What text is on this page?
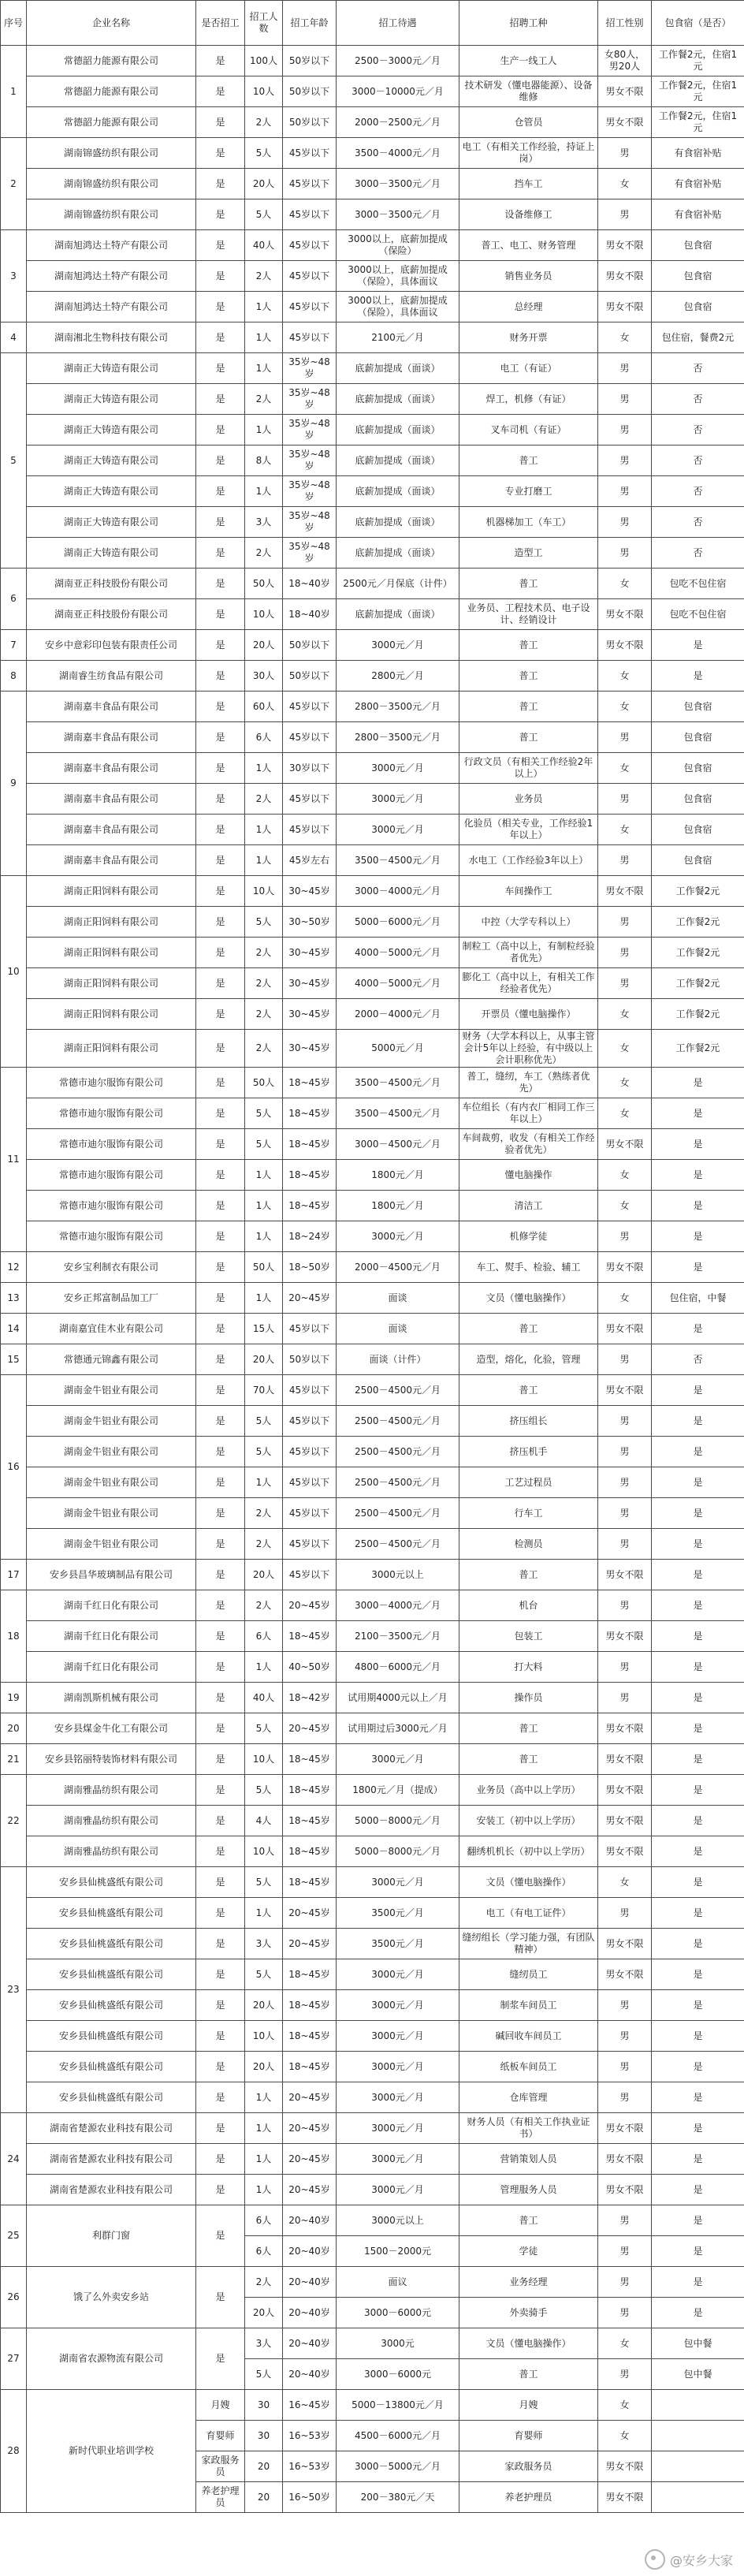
序号	企业名称	是否招工	招工人数	招工年龄	招工待遇	招聘工种	招工性别	包食宿（是否）
1	常德韶力能源有限公司	是	100人	50岁以下	2500－3000元／月	生产一线工人	女80人，男20人	工作餐2元，住宿1元
	常德韶力能源有限公司	是	10人	50岁以下	3000－10000元／月	技术研发（懂电器能源）、设备维修	男女不限	工作餐2元，住宿1元
	常德韶力能源有限公司	是	2人	50岁以下	2000－2500元／月	仓管员	男女不限	工作餐2元，住宿1元
2	湖南锦盛纺织有限公司	是	5人	45岁以下	3500－4000元／月	电工（有相关工作经验，持证上岗）	男	有食宿补贴
	湖南锦盛纺织有限公司	是	20人	45岁以下	3000－3500元／月	挡车工	女	有食宿补贴
	湖南锦盛纺织有限公司	是	5人	45岁以下	3000－3500元／月	设备维修工	男	有食宿补贴
3	湖南旭鸿达土特产有限公司	是	40人	45岁以下	3000以上，底薪加提成（保险）	普工、电工、财务管理	男女不限	包食宿
	湖南旭鸿达土特产有限公司	是	2人	45岁以下	3000以上，底薪加提成（保险），具体面议	销售业务员	男女不限	包食宿
	湖南旭鸿达土特产有限公司	是	1人	45岁以下	3000以上，底薪加提成（保险），具体面议	总经理	男女不限	包食宿
4	湖南湘北生物科技有限公司	是	1人	45岁以下	2100元／月	财务开票	女	包住宿，餐费2元
5	湖南正大铸造有限公司	是	1人	35岁~48岁	底薪加提成（面谈）	电工（有证）	男	否
	湖南正大铸造有限公司	是	2人	35岁~48岁	底薪加提成（面谈）	焊工，机修（有证）	男	否
	湖南正大铸造有限公司	是	1人	35岁~48岁	底薪加提成（面谈）	叉车司机（有证）	男	否
	湖南正大铸造有限公司	是	8人	35岁~48岁	底薪加提成（面谈）	普工	男	否
	湖南正大铸造有限公司	是	1人	35岁~48岁	底薪加提成（面谈）	专业打磨工	男	否
	湖南正大铸造有限公司	是	3人	35岁~48岁	底薪加提成（面谈）	机器梯加工（车工）	男	否
	湖南正大铸造有限公司	是	2人	35岁~48岁	底薪加提成（面谈）	造型工	男	否
6	湖南亚正科技股份有限公司	是	50人	18~40岁	2500元／月保底（计件）	普工	女	包吃不包住宿
	湖南亚正科技股份有限公司	是	10人	18~40岁	底薪加提成（面谈）	业务员、工程技术员、电子设计、经销设计	男女不限	包吃不包住宿
7	安乡中意彩印包装有限责任公司	是	20人	50岁以下	3000元／月	普工	男女不限	是
8	湖南睿生纺食品有限公司	是	30人	50岁以下	2800元／月	普工	女	是
9	湖南嘉丰食品有限公司	是	60人	45岁以下	2800－3500元／月	普工	女	包食宿
	湖南嘉丰食品有限公司	是	6人	45岁以下	2800－3500元／月	普工	男	包食宿
	湖南嘉丰食品有限公司	是	1人	30岁以下	3000元／月	行政文员（有相关工作经验2年以上）	女	包食宿
	湖南嘉丰食品有限公司	是	2人	45岁以下	3000元／月	业务员	男	包食宿
	湖南嘉丰食品有限公司	是	1人	45岁以下	3000元／月	化验员（相关专业，工作经验1年以上）	女	包食宿
	湖南嘉丰食品有限公司	是	1人	45岁左右	3500－4500元／月	水电工（工作经验3年以上）	男	包食宿
10	湖南正阳饲料有限公司	是	10人	30~45岁	3000－4000元／月	车间操作工	男女不限	工作餐2元
	湖南正阳饲料有限公司	是	5人	30~50岁	5000－6000元／月	中控（大学专科以上）	男	工作餐2元
	湖南正阳饲料有限公司	是	2人	30~45岁	4000－5000元／月	制粒工（高中以上，有制粒经验者优先）	男	工作餐2元
	湖南正阳饲料有限公司	是	2人	30~45岁	4000－5000元／月	膨化工（高中以上，有相关工作经验者优先）	男	工作餐2元
	湖南正阳饲料有限公司	是	2人	30~45岁	2000－4000元／月	开票员（懂电脑操作）	女	工作餐2元
	湖南正阳饲料有限公司	是	2人	30~45岁	5000元／月	财务（大学本科以上，从事主管会计5年以上经验，有中级以上会计职称优先）	女	工作餐2元
11	常德市迪尔服饰有限公司	是	50人	18~45岁	3500－4500元／月	普工，缝纫，车工（熟练者优先）	女	是
	常德市迪尔服饰有限公司	是	5人	18~45岁	3500－4500元／月	车位组长（有内衣厂相同工作三年以上）	女	是
	常德市迪尔服饰有限公司	是	5人	18~45岁	3000－4500元／月	车间裁剪，收发（有相关工作经验者优先）	男女不限	是
	常德市迪尔服饰有限公司	是	1人	18~45岁	1800元／月	懂电脑操作	女	是
	常德市迪尔服饰有限公司	是	1人	18~45岁	1800元／月	清洁工	女	是
	常德市迪尔服饰有限公司	是	1人	18~24岁	3000元／月	机修学徒	男	是
12	安乡宝利制衣有限公司	是	50人	18~50岁	2000－4500元／月	车工、熨手、检验、辅工	男女不限	是
13	安乡正邦富制品加工厂	是	1人	20~45岁	面谈	文员（懂电脑操作）	女	包住宿，中餐
14	湖南嘉宜佳木业有限公司	是	15人	45岁以下	面谈	普工	男女不限	是
15	常德通元锦鑫有限公司	是	20人	50岁以下	面谈（计件）	造型，熔化，化验，管理	男	否
16	湖南金牛铝业有限公司	是	70人	45岁以下	2500－4500元／月	普工	男女不限	是
	湖南金牛铝业有限公司	是	5人	45岁以下	2500－4500元／月	挤压组长	男	是
	湖南金牛铝业有限公司	是	5人	45岁以下	2500－4500元／月	挤压机手	男	是
	湖南金牛铝业有限公司	是	1人	45岁以下	2500－4500元／月	工艺过程员	男	是
	湖南金牛铝业有限公司	是	2人	45岁以下	2500－4500元／月	行车工	男	是
	湖南金牛铝业有限公司	是	2人	45岁以下	2500－4500元／月	检测员	男	是
17	安乡县昌华玻璃制品有限公司	是	20人	45岁以下	3000元以上	普工	男女不限	是
18	湖南千红日化有限公司	是	2人	20~45岁	3000－4000元／月	机台	男	是
	湖南千红日化有限公司	是	6人	18~45岁	2100－3500元／月	包装工	男女不限	是
	湖南千红日化有限公司	是	1人	40~50岁	4800－6000元／月	打大料	男	是
19	湖南凯斯机械有限公司	是	40人	18~42岁	试用期4000元以上／月	操作员	男	是
20	安乡县煤金牛化工有限公司	是	5人	20~45岁	试用期过后3000元／月	普工	男女不限	是
21	安乡县铭丽特装饰材料有限公司	是	10人	18~45岁	3000元／月	普工	男女不限	是
22	湖南雅晶纺织有限公司	是	5人	18~45岁	1800元／月（提成）	业务员（高中以上学历）	男女不限	是
	湖南雅晶纺织有限公司	是	4人	18~45岁	5000－8000元／月	安装工（初中以上学历）	男女不限	是
	湖南雅晶纺织有限公司	是	10人	18~45岁	5000－8000元／月	翻绣机机长（初中以上学历）	男女不限	是
23	安乡县仙桃盛纸有限公司	是	5人	18~45岁	3000元／月	文员（懂电脑操作）	女	是
	安乡县仙桃盛纸有限公司	是	1人	20~45岁	3500元／月	电工（有电工证件）	男	是
	安乡县仙桃盛纸有限公司	是	3人	20~45岁	3500元／月	缝纫组长（学习能力强，有团队精神）	男女不限	是
	安乡县仙桃盛纸有限公司	是	5人	18~45岁	3000元／月	缝纫员工	男女不限	是
	安乡县仙桃盛纸有限公司	是	20人	18~45岁	3000元／月	制浆车间员工	男	是
	安乡县仙桃盛纸有限公司	是	10人	18~45岁	3000元／月	碱回收车间员工	男	是
	安乡县仙桃盛纸有限公司	是	20人	18~45岁	3000元／月	纸板车间员工	男	是
	安乡县仙桃盛纸有限公司	是	1人	20~45岁	3000元／月	仓库管理	男	是
24	湖南省楚源农业科技有限公司	是	1人	20~45岁	3000元／月	财务人员（有相关工作执业证书）	男女不限	是
	湖南省楚源农业科技有限公司	是	1人	20~45岁	3000元／月	营销策划人员	男女不限	是
	湖南省楚源农业科技有限公司	是	1人	20~45岁	3000元／月	管理服务人员	男女不限	是
25	利群门窗	是	6人	20~40岁	3000元以上	普工	男	是
			6人	20~40岁	1500－2000元	学徒	男	是
26	饿了么外卖安乡站	是	2人	20~40岁	面议	业务经理	男	是
			20人	20~40岁	3000－6000元	外卖骑手	男	是
27	湖南省农源物流有限公司	是	3人	20~40岁	3000元	文员（懂电脑操作）	女	包中餐
			5人	20~40岁	3000－6000元	普工	男	包中餐
28	新时代职业培训学校	月嫂	30	16~45岁	5000－13800元／月	月嫂	女	
		育婴师	30	16~53岁	4500－6000元／月	育婴师	女	
		家政服务员	20	16~53岁	3000－5000元／月	家政服务员	男女不限	
		养老护理员	20	16~50岁	200－380元／天	养老护理员	男女不限	
@安乡大家
